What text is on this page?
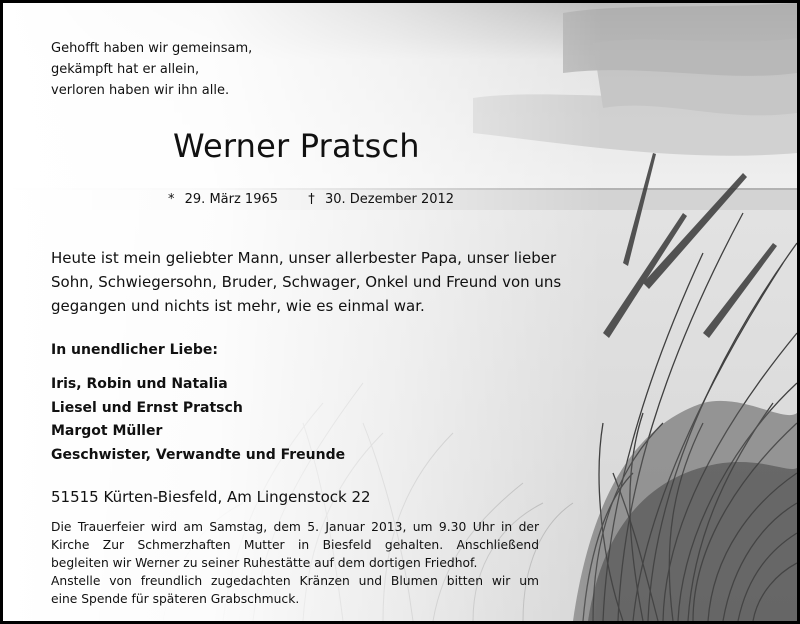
Gehofft haben wir gemeinsam,
gekämpft hat er allein,
verloren haben wir ihn alle.
Werner Pratsch
* 29. März 1965 † 30. Dezember 2012
Heute ist mein geliebter Mann, unser allerbester Papa, unser lieber
Sohn, Schwiegersohn, Bruder, Schwager, Onkel und Freund von uns
gegangen und nichts ist mehr, wie es einmal war.
In unendlicher Liebe:
Iris, Robin und Natalia
Liesel und Ernst Pratsch
Margot Müller
Geschwister, Verwandte und Freunde
51515 Kürten-Biesfeld, Am Lingenstock 22
Die Trauerfeier wird am Samstag, dem 5. Januar 2013, um 9.30 Uhr in der
Kirche Zur Schmerzhaften Mutter in Biesfeld gehalten. Anschließend
begleiten wir Werner zu seiner Ruhestätte auf dem dortigen Friedhof.
Anstelle von freundlich zugedachten Kränzen und Blumen bitten wir um
eine Spende für späteren Grabschmuck.
